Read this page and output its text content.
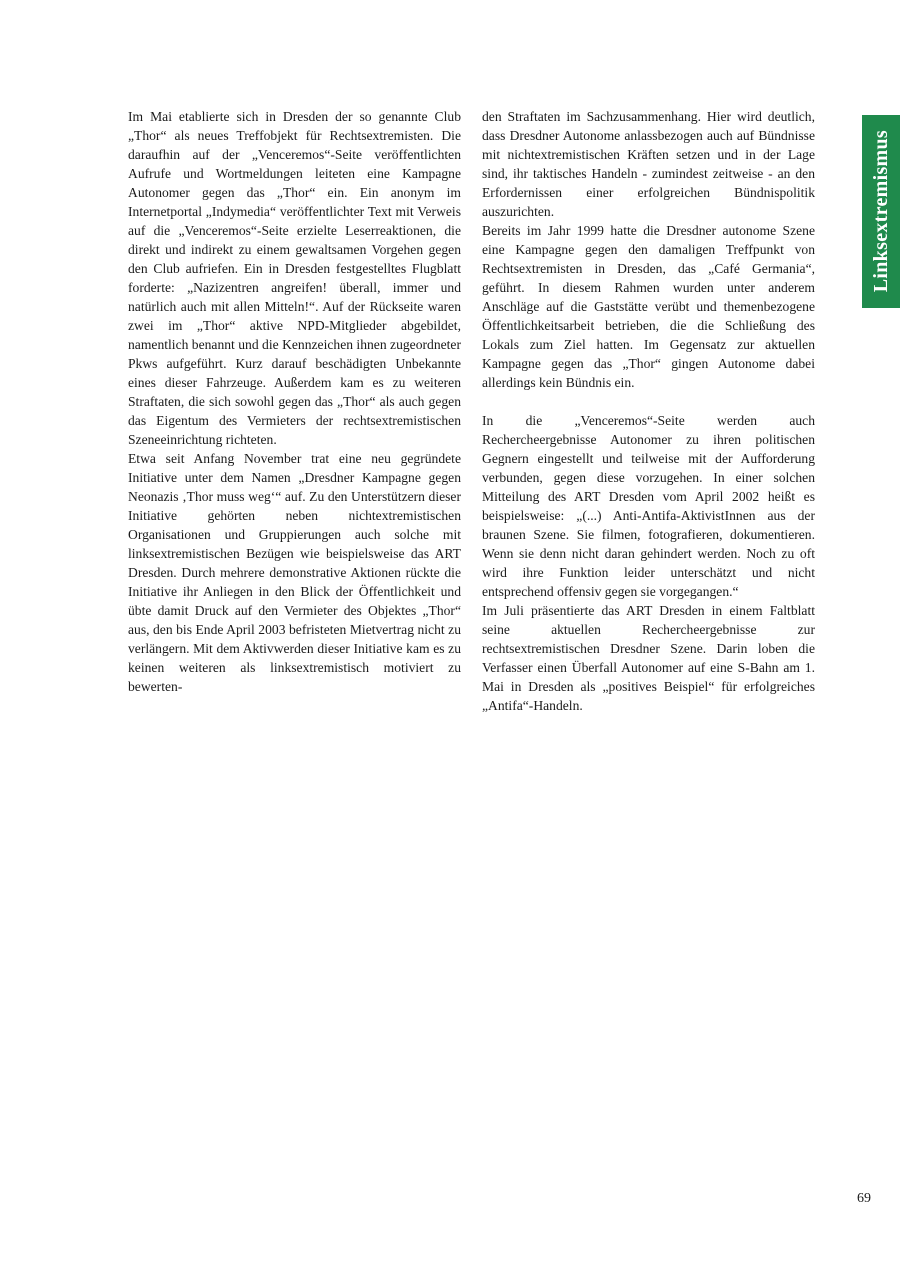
Im Mai etablierte sich in Dresden der so genannte Club „Thor“ als neues Treffobjekt für Rechtsextremisten. Die daraufhin auf der „Venceremos“-Seite veröffentlichten Aufrufe und Wortmeldungen leiteten eine Kampagne Autonomer gegen das „Thor“ ein. Ein anonym im Internetportal „Indymedia“ veröffentlichter Text mit Verweis auf die „Venceremos“-Seite erzielte Leserreaktionen, die direkt und indirekt zu einem gewaltsamen Vorgehen gegen den Club aufriefen. Ein in Dresden festgestelltes Flugblatt forderte: „Nazizentren angreifen! überall, immer und natürlich auch mit allen Mitteln!“. Auf der Rückseite waren zwei im „Thor“ aktive NPD-Mitglieder abgebildet, namentlich benannt und die Kennzeichen ihnen zugeordneter Pkws aufgeführt. Kurz darauf beschädigten Unbekannte eines dieser Fahrzeuge. Außerdem kam es zu weiteren Straftaten, die sich sowohl gegen das „Thor“ als auch gegen das Eigentum des Vermieters der rechtsextremistischen Szeneeinrichtung richteten.

Etwa seit Anfang November trat eine neu gegründete Initiative unter dem Namen „Dresdner Kampagne gegen Neonazis ‚Thor muss weg‘“ auf. Zu den Unterstützern dieser Initiative gehörten neben nichtextremistischen Organisationen und Gruppierungen auch solche mit linksextremistischen Bezügen wie beispielsweise das ART Dresden. Durch mehrere demonstrative Aktionen rückte die Initiative ihr Anliegen in den Blick der Öffentlichkeit und übte damit Druck auf den Vermieter des Objektes „Thor“ aus, den bis Ende April 2003 befristeten Mietvertrag nicht zu verlängern. Mit dem Aktivwerden dieser Initiative kam es zu keinen weiteren als linksextremistisch motiviert zu bewerten-

den Straftaten im Sachzusammenhang. Hier wird deutlich, dass Dresdner Autonome anlassbezogen auch auf Bündnisse mit nichtextremistischen Kräften setzen und in der Lage sind, ihr taktisches Handeln - zumindest zeitweise - an den Erfordernissen einer erfolgreichen Bündnispolitik auszurichten.

Bereits im Jahr 1999 hatte die Dresdner autonome Szene eine Kampagne gegen den damaligen Treffpunkt von Rechtsextremisten in Dresden, das „Café Germania“, geführt. In diesem Rahmen wurden unter anderem Anschläge auf die Gaststätte verübt und themenbezogene Öffentlichkeitsarbeit betrieben, die die Schließung des Lokals zum Ziel hatten. Im Gegensatz zur aktuellen Kampagne gegen das „Thor“ gingen Autonome dabei allerdings kein Bündnis ein.

In die „Venceremos“-Seite werden auch Rechercheergebnisse Autonomer zu ihren politischen Gegnern eingestellt und teilweise mit der Aufforderung verbunden, gegen diese vorzugehen. In einer solchen Mitteilung des ART Dresden vom April 2002 heißt es beispielsweise: „(...) Anti-Antifa-AktivistInnen aus der braunen Szene. Sie filmen, fotografieren, dokumentieren. Wenn sie denn nicht daran gehindert werden. Noch zu oft wird ihre Funktion leider unterschätzt und nicht entsprechend offensiv gegen sie vorgegangen.“

Im Juli präsentierte das ART Dresden in einem Faltblatt seine aktuellen Rechercheergebnisse zur rechtsextremistischen Dresdner Szene. Darin loben die Verfasser einen Überfall Autonomer auf eine S-Bahn am 1. Mai in Dresden als „positives Beispiel“ für erfolgreiches „Antifa“-Handeln.

Linksextremismus
69
